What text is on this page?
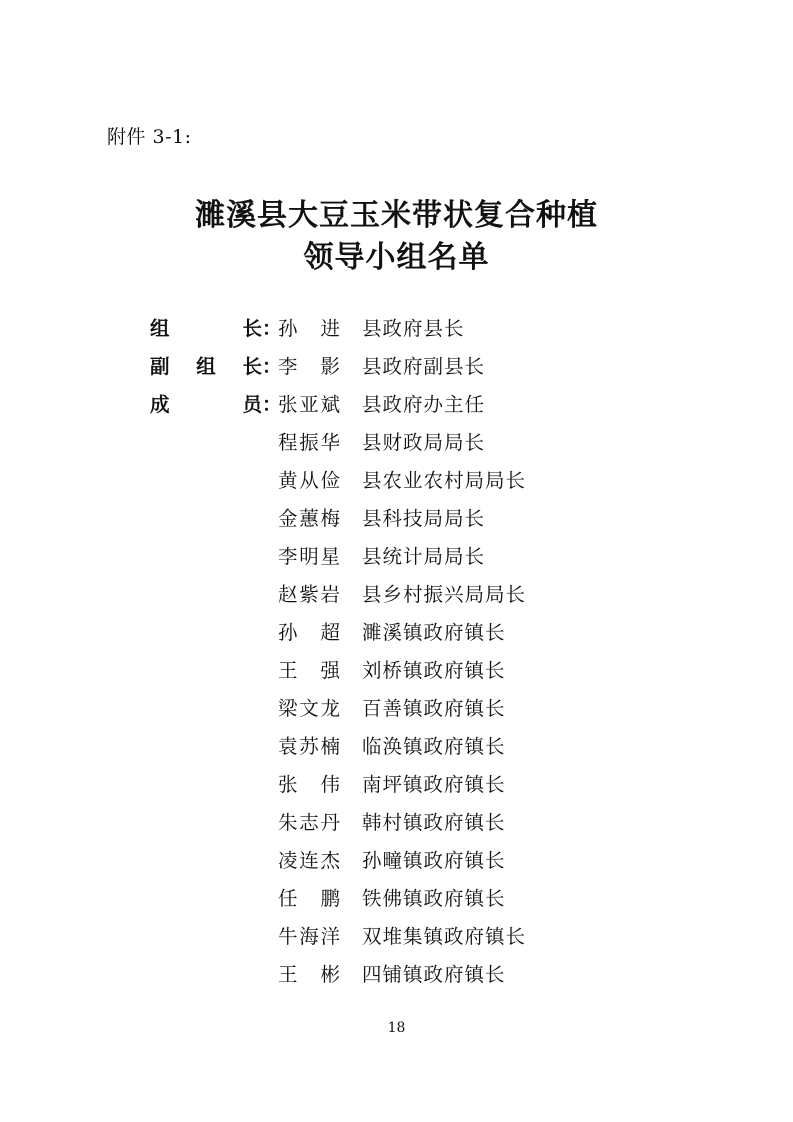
附件 3-1:
濉溪县大豆玉米带状复合种植
领导小组名单
组	长 ：
孙 进 县政府县长
副 组 长 ：
李 影 县政府副县长
成	员 ：
张 亚 斌 县政府办主任
程 振 华 县财政局局长
黄 从 俭 县农业农村局局长
金 蕙 梅 县科技局局长
李 明 星 县统计局局长
赵 紫 岩 县乡村振兴局局长
孙 超 濉溪镇政府镇长
王 强 刘桥镇政府镇长
梁 文 龙 百善镇政府镇长
袁 苏 楠 临涣镇政府镇长
张 伟 南坪镇政府镇长
朱 志 丹 韩村镇政府镇长
凌 连 杰 孙疃镇政府镇长
任 鹏 铁佛镇政府镇长
牛 海 洋 双堆集镇政府镇长
王 彬 四铺镇政府镇长
18
